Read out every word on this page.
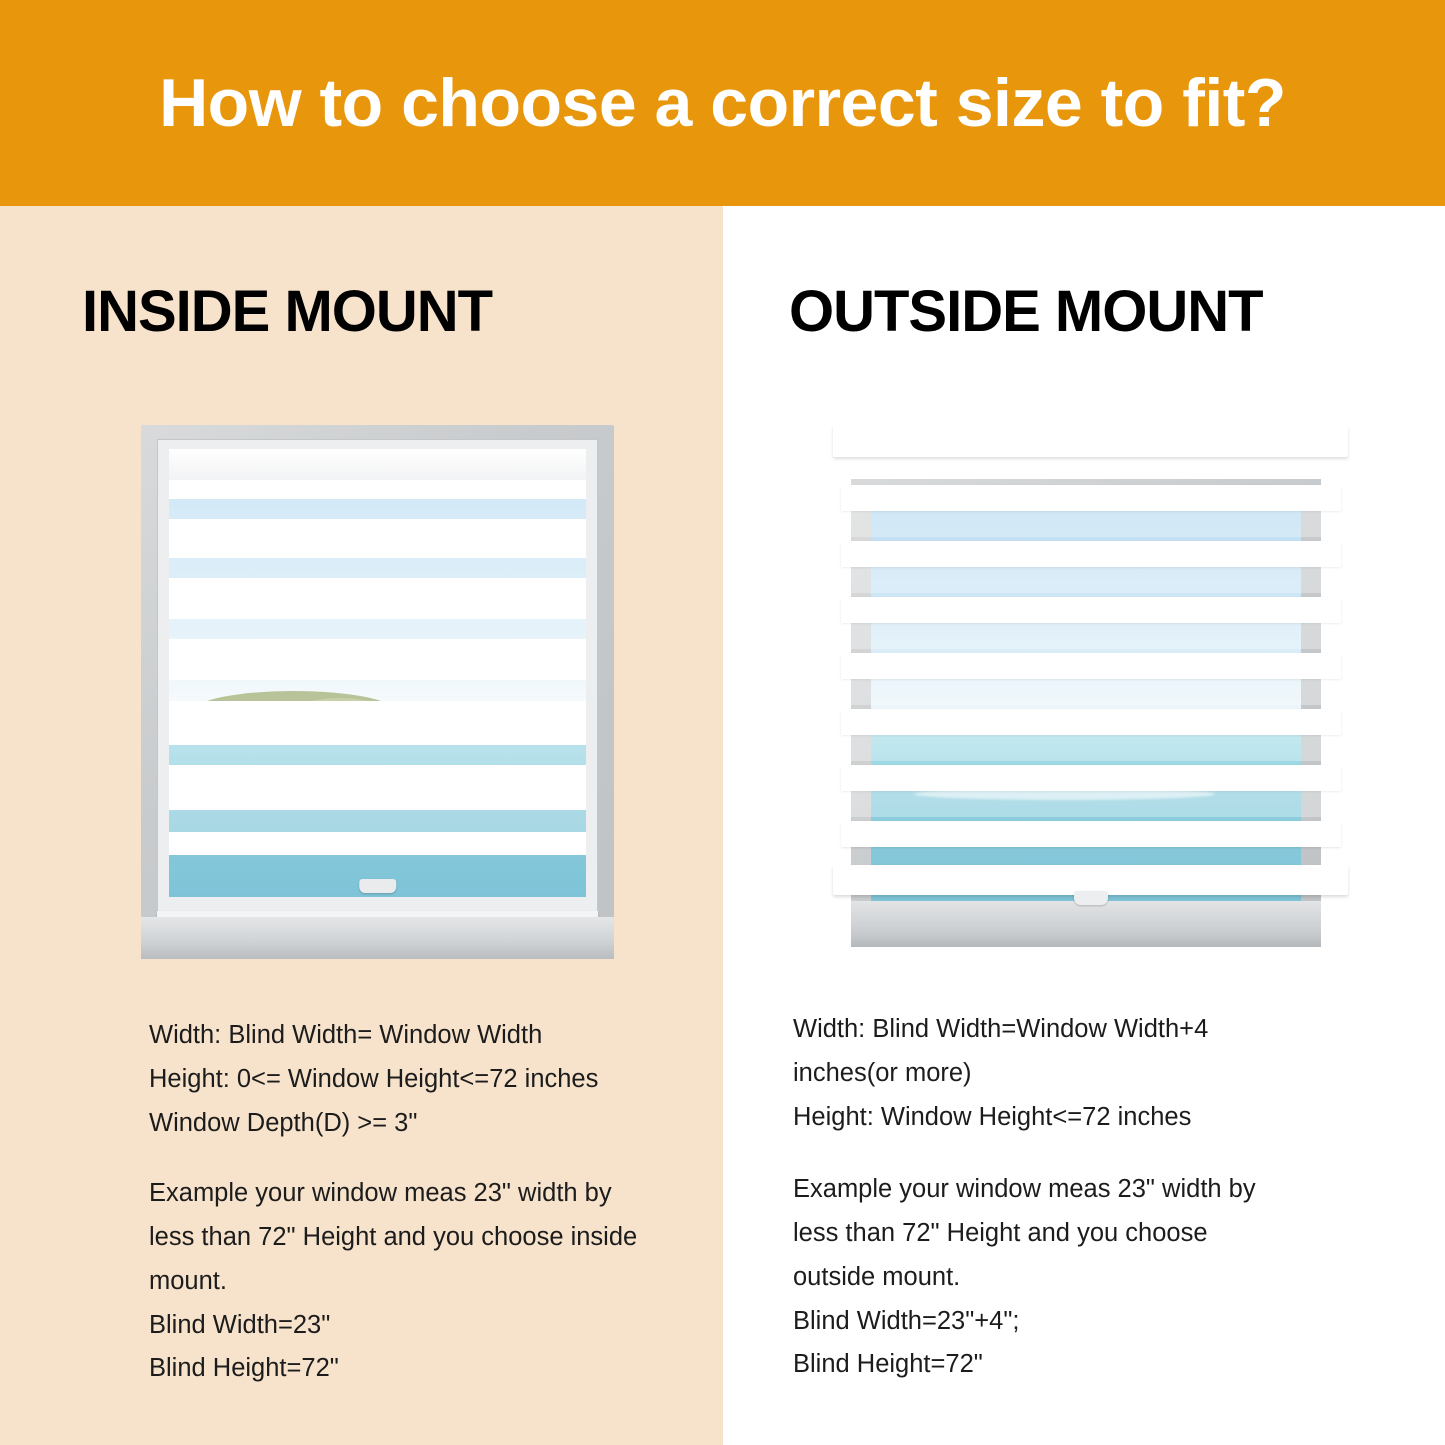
How to choose a correct size to fit?
INSIDE MOUNT

Width: Blind Width= Window Width

Height: 0<= Window Height<=72 inches

Window Depth(D) >= 3"

Example your window meas 23" width by

less than 72" Height and you choose inside

mount.

Blind Width=23"

Blind Height=72"

OUTSIDE MOUNT

Width: Blind Width=Window Width+4

inches(or more)

Height: Window Height<=72 inches

Example your window meas 23" width by

less than 72" Height and you choose

outside mount.

Blind Width=23"+4";

Blind Height=72"
